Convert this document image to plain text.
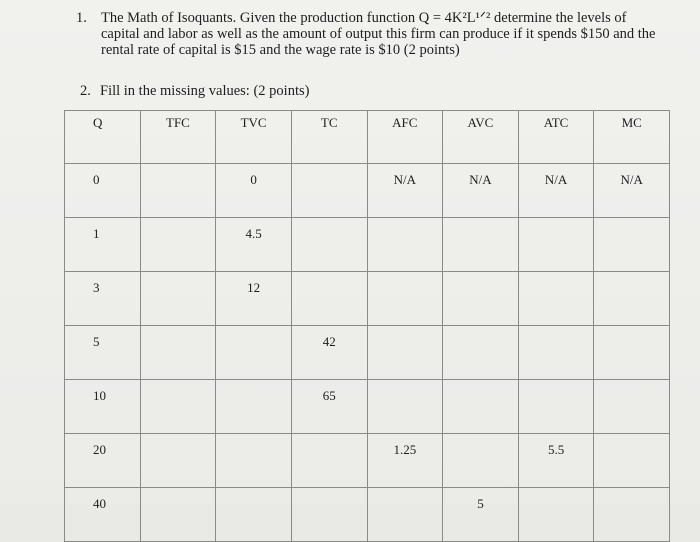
1. The Math of Isoquants. Given the production function Q = 4K²L¹ᐟ² determine the levels of capital and labor as well as the amount of output this firm can produce if it spends $150 and the rental rate of capital is $15 and the wage rate is $10 (2 points)
2. Fill in the missing values: (2 points)
Q	TFC	TVC	TC	AFC	AVC	ATC	MC
0		0		N/A	N/A	N/A	N/A
1		4.5					
3		12					
5			42				
10			65				
20				1.25		5.5	
40					5		
